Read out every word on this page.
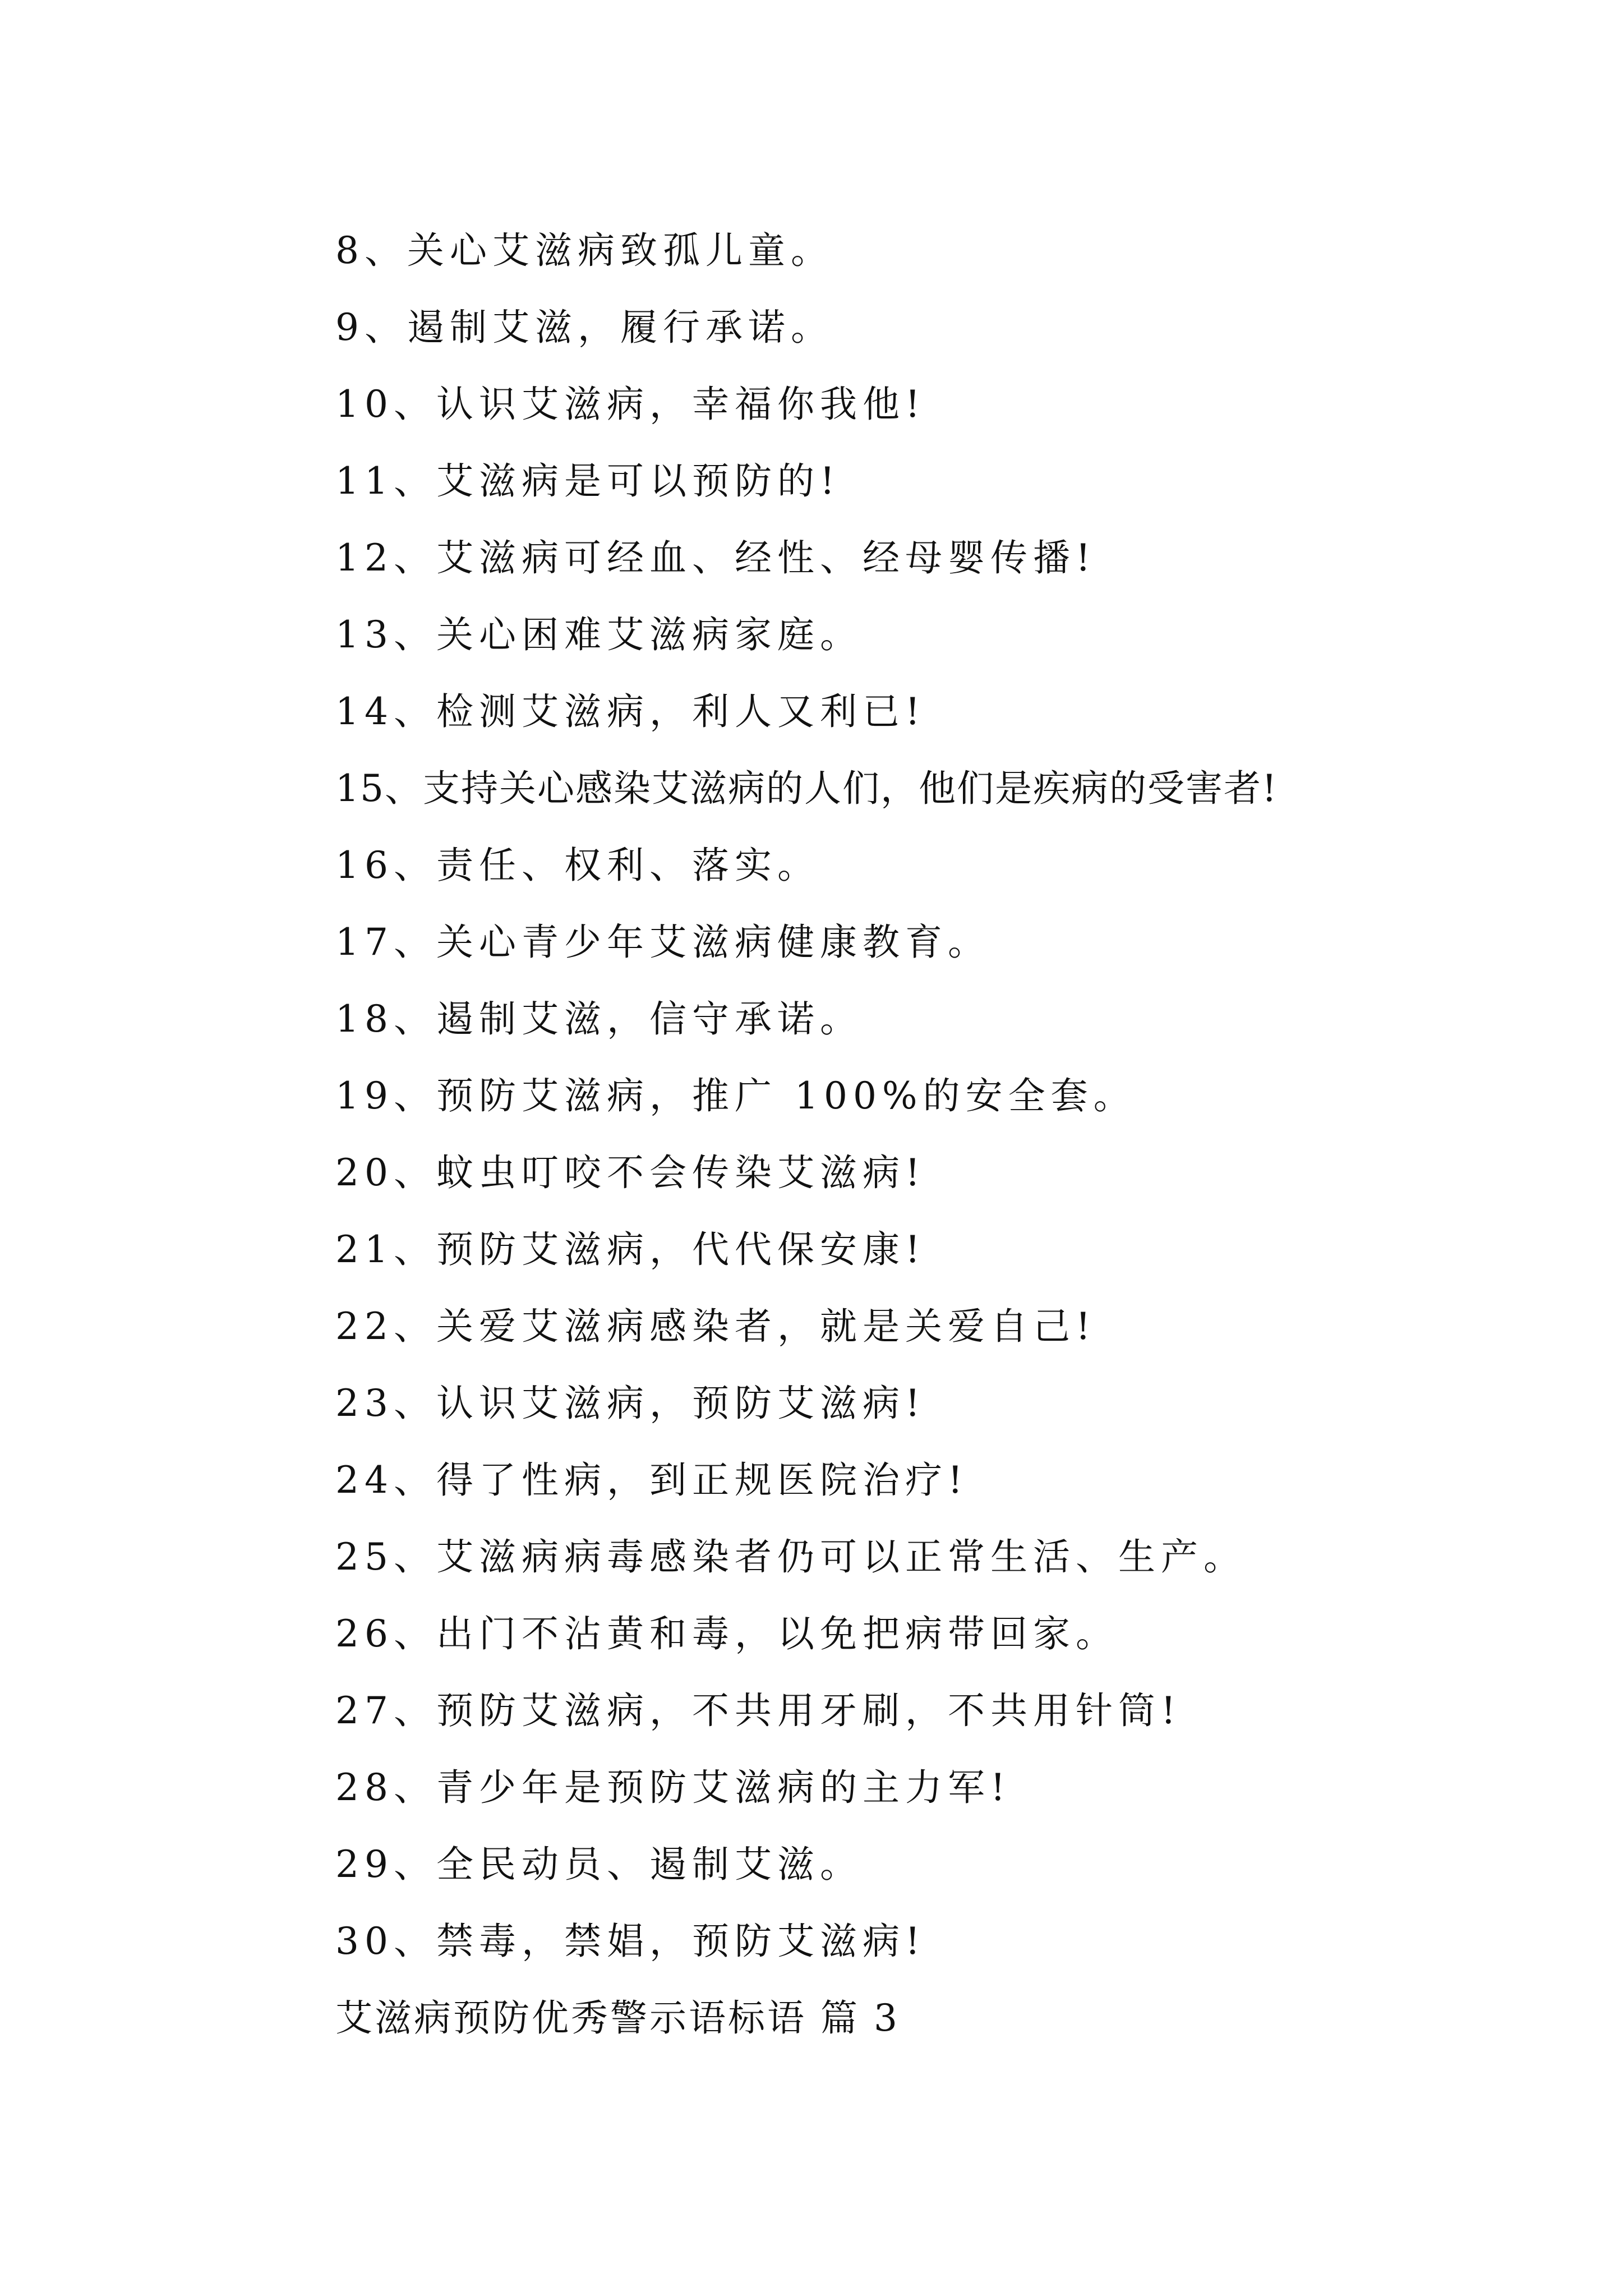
8、关心艾滋病致孤儿童。
9、遏制艾滋，履行承诺。
10、认识艾滋病，幸福你我他!
11、艾滋病是可以预防的!
12、艾滋病可经血、经性、经母婴传播!
13、关心困难艾滋病家庭。
14、检测艾滋病，利人又利已!
15、支持关心感染艾滋病的人们，他们是疾病的受害者!
16、责任、权利、落实。
17、关心青少年艾滋病健康教育。
18、遏制艾滋，信守承诺。
19、预防艾滋病，推广 100%的安全套。
20、蚊虫叮咬不会传染艾滋病!
21、预防艾滋病，代代保安康!
22、关爱艾滋病感染者，就是关爱自己!
23、认识艾滋病，预防艾滋病!
24、得了性病，到正规医院治疗!
25、艾滋病病毒感染者仍可以正常生活、生产。
26、出门不沾黄和毒，以免把病带回家。
27、预防艾滋病，不共用牙刷，不共用针筒!
28、青少年是预防艾滋病的主力军!
29、全民动员、遏制艾滋。
30、禁毒，禁娼，预防艾滋病!
艾滋病预防优秀警示语标语 篇 3
